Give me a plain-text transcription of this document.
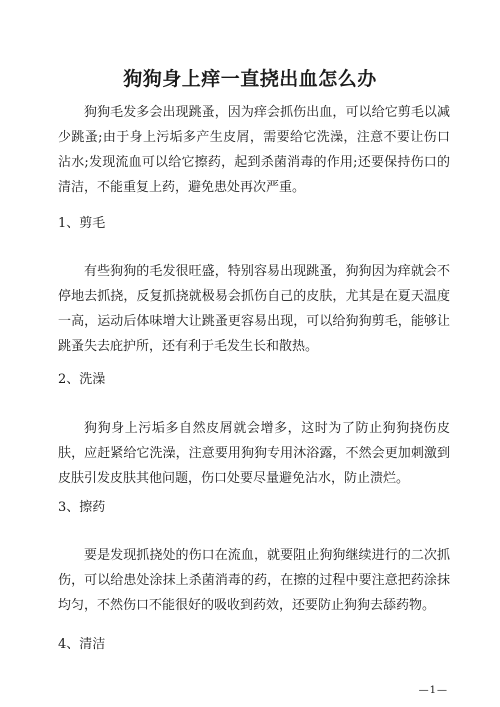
狗狗身上痒一直挠出血怎么办

狗狗毛发多会出现跳蚤，因为痒会抓伤出血，可以给它剪毛以减少跳蚤;由于身上污垢多产生皮屑，需要给它洗澡，注意不要让伤口沾水;发现流血可以给它擦药，起到杀菌消毒的作用;还要保持伤口的清洁，不能重复上药，避免患处再次严重。

1、剪毛

有些狗狗的毛发很旺盛，特别容易出现跳蚤，狗狗因为痒就会不停地去抓挠，反复抓挠就极易会抓伤自己的皮肤，尤其是在夏天温度一高，运动后体味增大让跳蚤更容易出现，可以给狗狗剪毛，能够让跳蚤失去庇护所，还有利于毛发生长和散热。

2、洗澡

狗狗身上污垢多自然皮屑就会增多，这时为了防止狗狗挠伤皮肤，应赶紧给它洗澡，注意要用狗狗专用沐浴露，不然会更加刺激到皮肤引发皮肤其他问题，伤口处要尽量避免沾水，防止溃烂。

3、擦药

要是发现抓挠处的伤口在流血，就要阻止狗狗继续进行的二次抓伤，可以给患处涂抹上杀菌消毒的药，在擦的过程中要注意把药涂抹均匀，不然伤口不能很好的吸收到药效，还要防止狗狗去舔药物。

4、清洁
—1—
